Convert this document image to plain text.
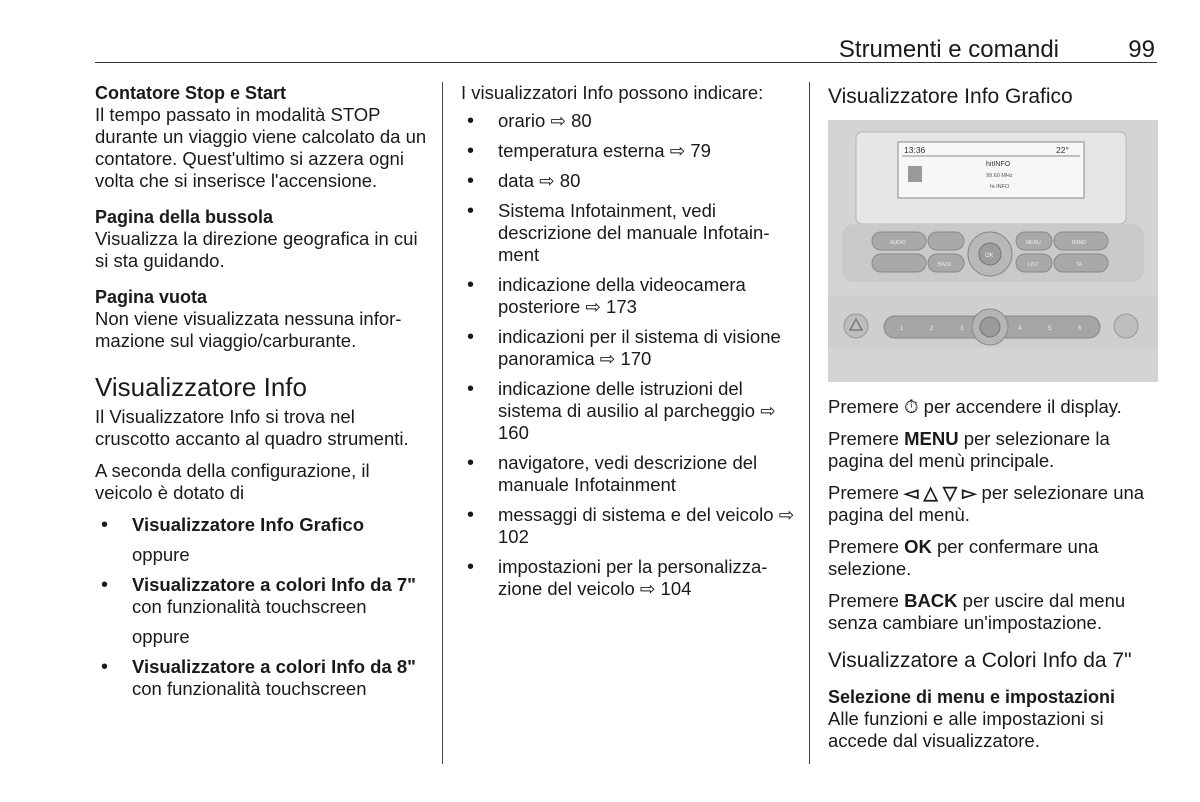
Strumenti e comandi	99
Contatore Stop e Start
Il tempo passato in modalità STOP durante un viaggio viene calcolato da un contatore. Quest'ultimo si azzera ogni volta che si inserisce l'accensione.
Pagina della bussola
Visualizza la direzione geografica in cui si sta guidando.
Pagina vuota
Non viene visualizzata nessuna informazione sul viaggio/carburante.
Visualizzatore Info
Il Visualizzatore Info si trova nel cruscotto accanto al quadro strumenti.
A seconda della configurazione, il veicolo è dotato di
• Visualizzatore Info Grafico
oppure
• Visualizzatore a colori Info da 7"
con funzionalità touchscreen
oppure
• Visualizzatore a colori Info da 8"
con funzionalità touchscreen
I visualizzatori Info possono indicare:
• orario ⇨ 80
• temperatura esterna ⇨ 79
• data ⇨ 80
• Sistema Infotainment, vedi descrizione del manuale Infotainment
• indicazione della videocamera posteriore ⇨ 173
• indicazioni per il sistema di visione panoramica ⇨ 170
• indicazione delle istruzioni del sistema di ausilio al parcheggio ⇨ 160
• navigatore, vedi descrizione del manuale Infotainment
• messaggi di sistema e del veicolo ⇨ 102
• impostazioni per la personalizzazione del veicolo ⇨ 104
Visualizzatore Info Grafico
13:36	22°
hitINFO
99.60 MHz
hi-INFO
AUDIO
BACK
OK
MENU	BAND
LIST	TA
1	2	3	4	5	6
Premere ⏱ per accendere il display.
Premere MENU per selezionare la pagina del menù principale.
Premere ◅ △ ▽ ▻ per selezionare una pagina del menù.
Premere OK per confermare una selezione.
Premere BACK per uscire dal menu senza cambiare un'impostazione.
Visualizzatore a Colori Info da 7"
Selezione di menu e impostazioni
Alle funzioni e alle impostazioni si accede dal visualizzatore.
